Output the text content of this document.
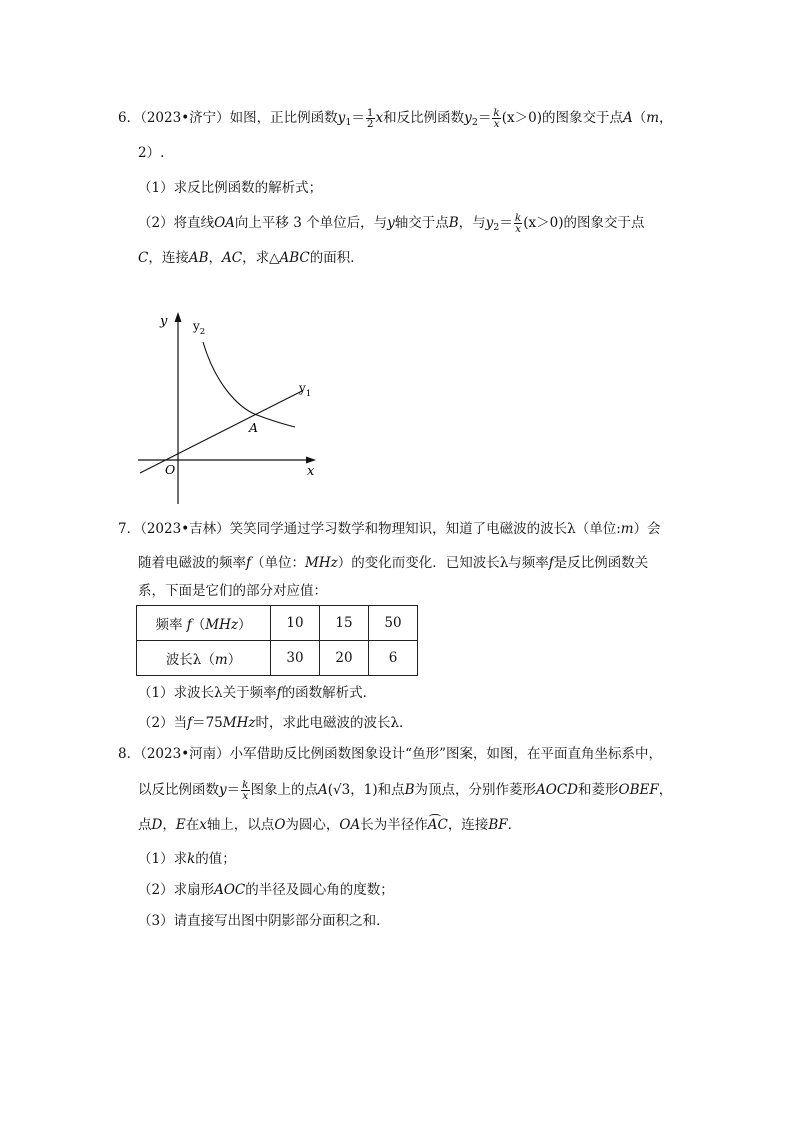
6．（2023•济宁）如图，正比例函数$y_1= \frac{1}{2}$ x和反比例函数$y_2= \frac{k}{x} (x>0)$的图象交于点A（m，
2）.
（1）求反比例函数的解析式；
（2）将直线OA向上平移 3 个单位后，与y轴交于点B，与$y_2= \frac{k}{x} (x>0)$的图象交于点
C，连接AB，AC，求△ABC的面积．
y
x
O
$y_2$
$y_1$
A
7．（2023•吉林）笑笑同学通过学习数学和物理知识，知道了电磁波的波长λ（单位:m）会
随着电磁波的频率f（单位：MHz）的变化而变化．已知波长λ与频率f是反比例函数关
系，下面是它们的部分对应值：
频率 f（MHz）	10	15	50
波长λ（m）	30	20	6
（1）求波长λ关于频率f的函数解析式．
（2）当f＝75MHz时，求此电磁波的波长λ．
8．（2023•河南）小军借助反比例函数图象设计“鱼形”图案，如图，在平面直角坐标系中，
以反比例函数$y= \frac{k}{x}$ 图象上的点A(√3，1)和点B为顶点，分别作菱形AOCD和菱形OBEF，
点D，E在x轴上，以点O为圆心，OA长为半径作AC，连接BF．
（1）求k的值；
（2）求扇形AOC的半径及圆心角的度数；
（3）请直接写出图中阴影部分面积之和．
